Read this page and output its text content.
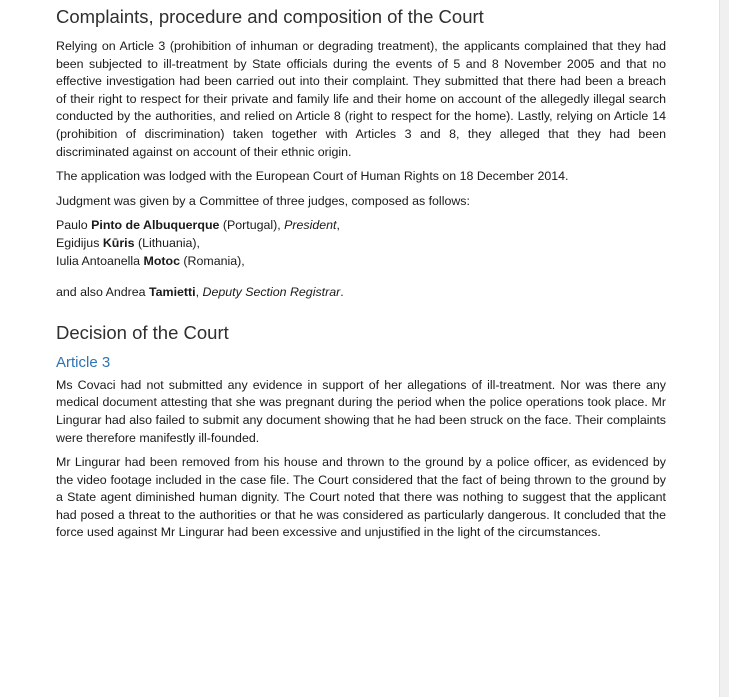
Complaints, procedure and composition of the Court

Relying on Article 3 (prohibition of inhuman or degrading treatment), the applicants complained that they had been subjected to ill-treatment by State officials during the events of 5 and 8 November 2005 and that no effective investigation had been carried out into their complaint. They submitted that there had been a breach of their right to respect for their private and family life and their home on account of the allegedly illegal search conducted by the authorities, and relied on Article 8 (right to respect for the home). Lastly, relying on Article 14 (prohibition of discrimination) taken together with Articles 3 and 8, they alleged that they had been discriminated against on account of their ethnic origin.

The application was lodged with the European Court of Human Rights on 18 December 2014.

Judgment was given by a Committee of three judges, composed as follows:

Paulo Pinto de Albuquerque (Portugal), President,
Egidijus Kūris (Lithuania),
Iulia Antoanella Motoc (Romania),
and also Andrea Tamietti, Deputy Section Registrar.
Decision of the Court
Article 3

Ms Covaci had not submitted any evidence in support of her allegations of ill-treatment. Nor was there any medical document attesting that she was pregnant during the period when the police operations took place. Mr Lingurar had also failed to submit any document showing that he had been struck on the face. Their complaints were therefore manifestly ill-founded.

Mr Lingurar had been removed from his house and thrown to the ground by a police officer, as evidenced by the video footage included in the case file. The Court considered that the fact of being thrown to the ground by a State agent diminished human dignity. The Court noted that there was nothing to suggest that the applicant had posed a threat to the authorities or that he was considered as particularly dangerous. It concluded that the force used against Mr Lingurar had been excessive and unjustified in the light of the circumstances.
